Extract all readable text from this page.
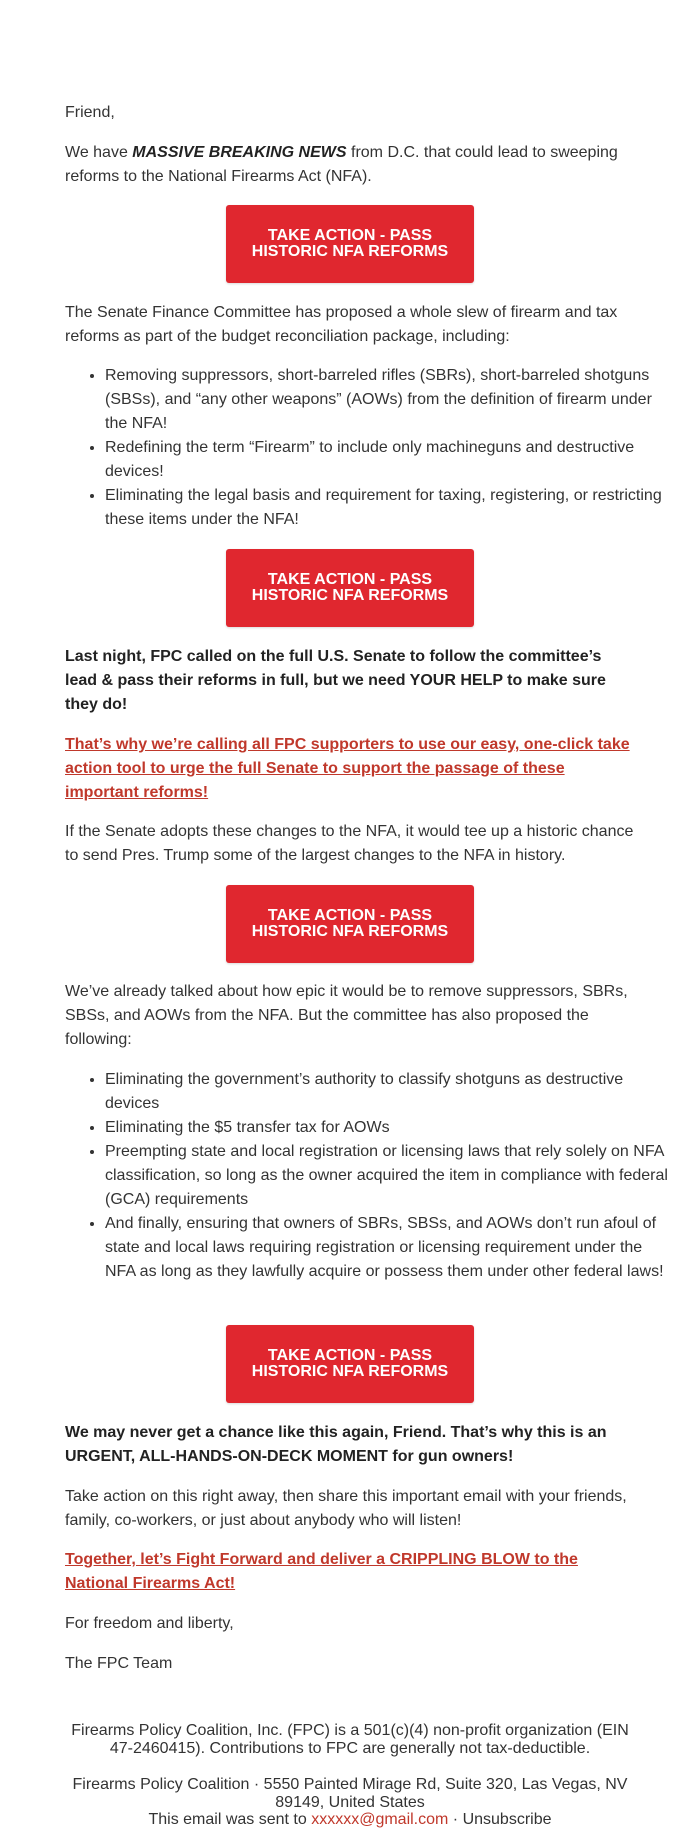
Friend,

We have MASSIVE BREAKING NEWS from D.C. that could lead to sweeping reforms to the National Firearms Act (NFA).

TAKE ACTION - PASS HISTORIC NFA REFORMS

The Senate Finance Committee has proposed a whole slew of firearm and tax reforms as part of the budget reconciliation package, including:

• Removing suppressors, short-barreled rifles (SBRs), short-barreled shotguns (SBSs), and “any other weapons” (AOWs) from the definition of firearm under the NFA!
• Redefining the term “Firearm” to include only machineguns and destructive devices!
• Eliminating the legal basis and requirement for taxing, registering, or restricting these items under the NFA!
TAKE ACTION - PASS HISTORIC NFA REFORMS

Last night, FPC called on the full U.S. Senate to follow the committee’s lead & pass their reforms in full, but we need YOUR HELP to make sure they do!

That’s why we’re calling all FPC supporters to use our easy, one-click take action tool to urge the full Senate to support the passage of these important reforms!

If the Senate adopts these changes to the NFA, it would tee up a historic chance to send Pres. Trump some of the largest changes to the NFA in history.

TAKE ACTION - PASS HISTORIC NFA REFORMS

We’ve already talked about how epic it would be to remove suppressors, SBRs, SBSs, and AOWs from the NFA. But the committee has also proposed the following:

• Eliminating the government’s authority to classify shotguns as destructive devices
• Eliminating the $5 transfer tax for AOWs
• Preempting state and local registration or licensing laws that rely solely on NFA classification, so long as the owner acquired the item in compliance with federal (GCA) requirements
• And finally, ensuring that owners of SBRs, SBSs, and AOWs don’t run afoul of state and local laws requiring registration or licensing requirement under the NFA as long as they lawfully acquire or possess them under other federal laws!
TAKE ACTION - PASS HISTORIC NFA REFORMS

We may never get a chance like this again, Friend. That’s why this is an URGENT, ALL-HANDS-ON-DECK MOMENT for gun owners!

Take action on this right away, then share this important email with your friends, family, co-workers, or just about anybody who will listen!

Together, let’s Fight Forward and deliver a CRIPPLING BLOW to the National Firearms Act!

For freedom and liberty,

The FPC Team

Firearms Policy Coalition, Inc. (FPC) is a 501(c)(4) non-profit organization (EIN 47-2460415). Contributions to FPC are generally not tax-deductible.
Firearms Policy Coalition · 5550 Painted Mirage Rd, Suite 320, Las Vegas, NV 89149, United States
This email was sent to xxxxxx@gmail.com · Unsubscribe
